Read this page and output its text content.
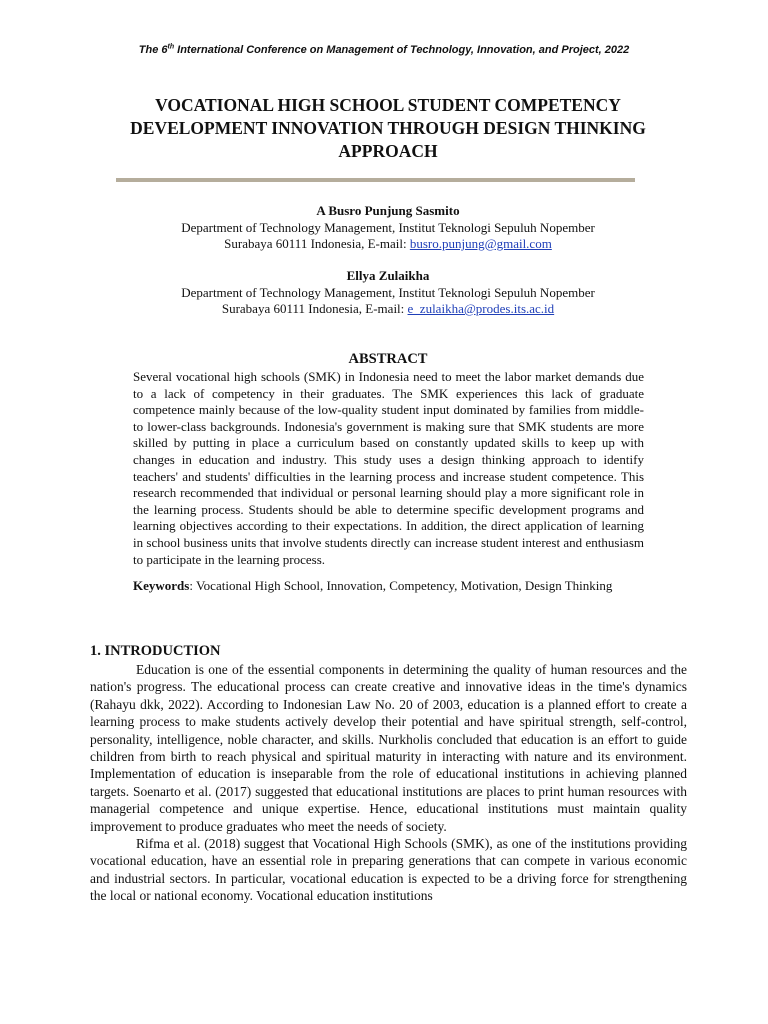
The 6th International Conference on Management of Technology, Innovation, and Project, 2022
VOCATIONAL HIGH SCHOOL STUDENT COMPETENCY DEVELOPMENT INNOVATION THROUGH DESIGN THINKING APPROACH
A Busro Punjung Sasmito
Department of Technology Management, Institut Teknologi Sepuluh Nopember
Surabaya 60111 Indonesia, E-mail: busro.punjung@gmail.com
Ellya Zulaikha
Department of Technology Management, Institut Teknologi Sepuluh Nopember
Surabaya 60111 Indonesia, E-mail: e_zulaikha@prodes.its.ac.id
ABSTRACT

Several vocational high schools (SMK) in Indonesia need to meet the labor market demands due to a lack of competency in their graduates. The SMK experiences this lack of graduate competence mainly because of the low-quality student input dominated by families from middle- to lower-class backgrounds. Indonesia's government is making sure that SMK students are more skilled by putting in place a curriculum based on constantly updated skills to keep up with changes in education and industry. This study uses a design thinking approach to identify teachers' and students' difficulties in the learning process and increase student competence. This research recommended that individual or personal learning should play a more significant role in the learning process. Students should be able to determine specific development programs and learning objectives according to their expectations. In addition, the direct application of learning in school business units that involve students directly can increase student interest and enthusiasm to participate in the learning process.

Keywords: Vocational High School, Innovation, Competency, Motivation, Design Thinking

1. INTRODUCTION

Education is one of the essential components in determining the quality of human resources and the nation's progress. The educational process can create creative and innovative ideas in the time's dynamics (Rahayu dkk, 2022). According to Indonesian Law No. 20 of 2003, education is a planned effort to create a learning process to make students actively develop their potential and have spiritual strength, self-control, personality, intelligence, noble character, and skills. Nurkholis concluded that education is an effort to guide children from birth to reach physical and spiritual maturity in interacting with nature and its environment. Implementation of education is inseparable from the role of educational institutions in achieving planned targets. Soenarto et al. (2017) suggested that educational institutions are places to print human resources with managerial competence and unique expertise. Hence, educational institutions must maintain quality improvement to produce graduates who meet the needs of society.

Rifma et al. (2018) suggest that Vocational High Schools (SMK), as one of the institutions providing vocational education, have an essential role in preparing generations that can compete in various economic and industrial sectors. In particular, vocational education is expected to be a driving force for strengthening the local or national economy. Vocational education institutions
